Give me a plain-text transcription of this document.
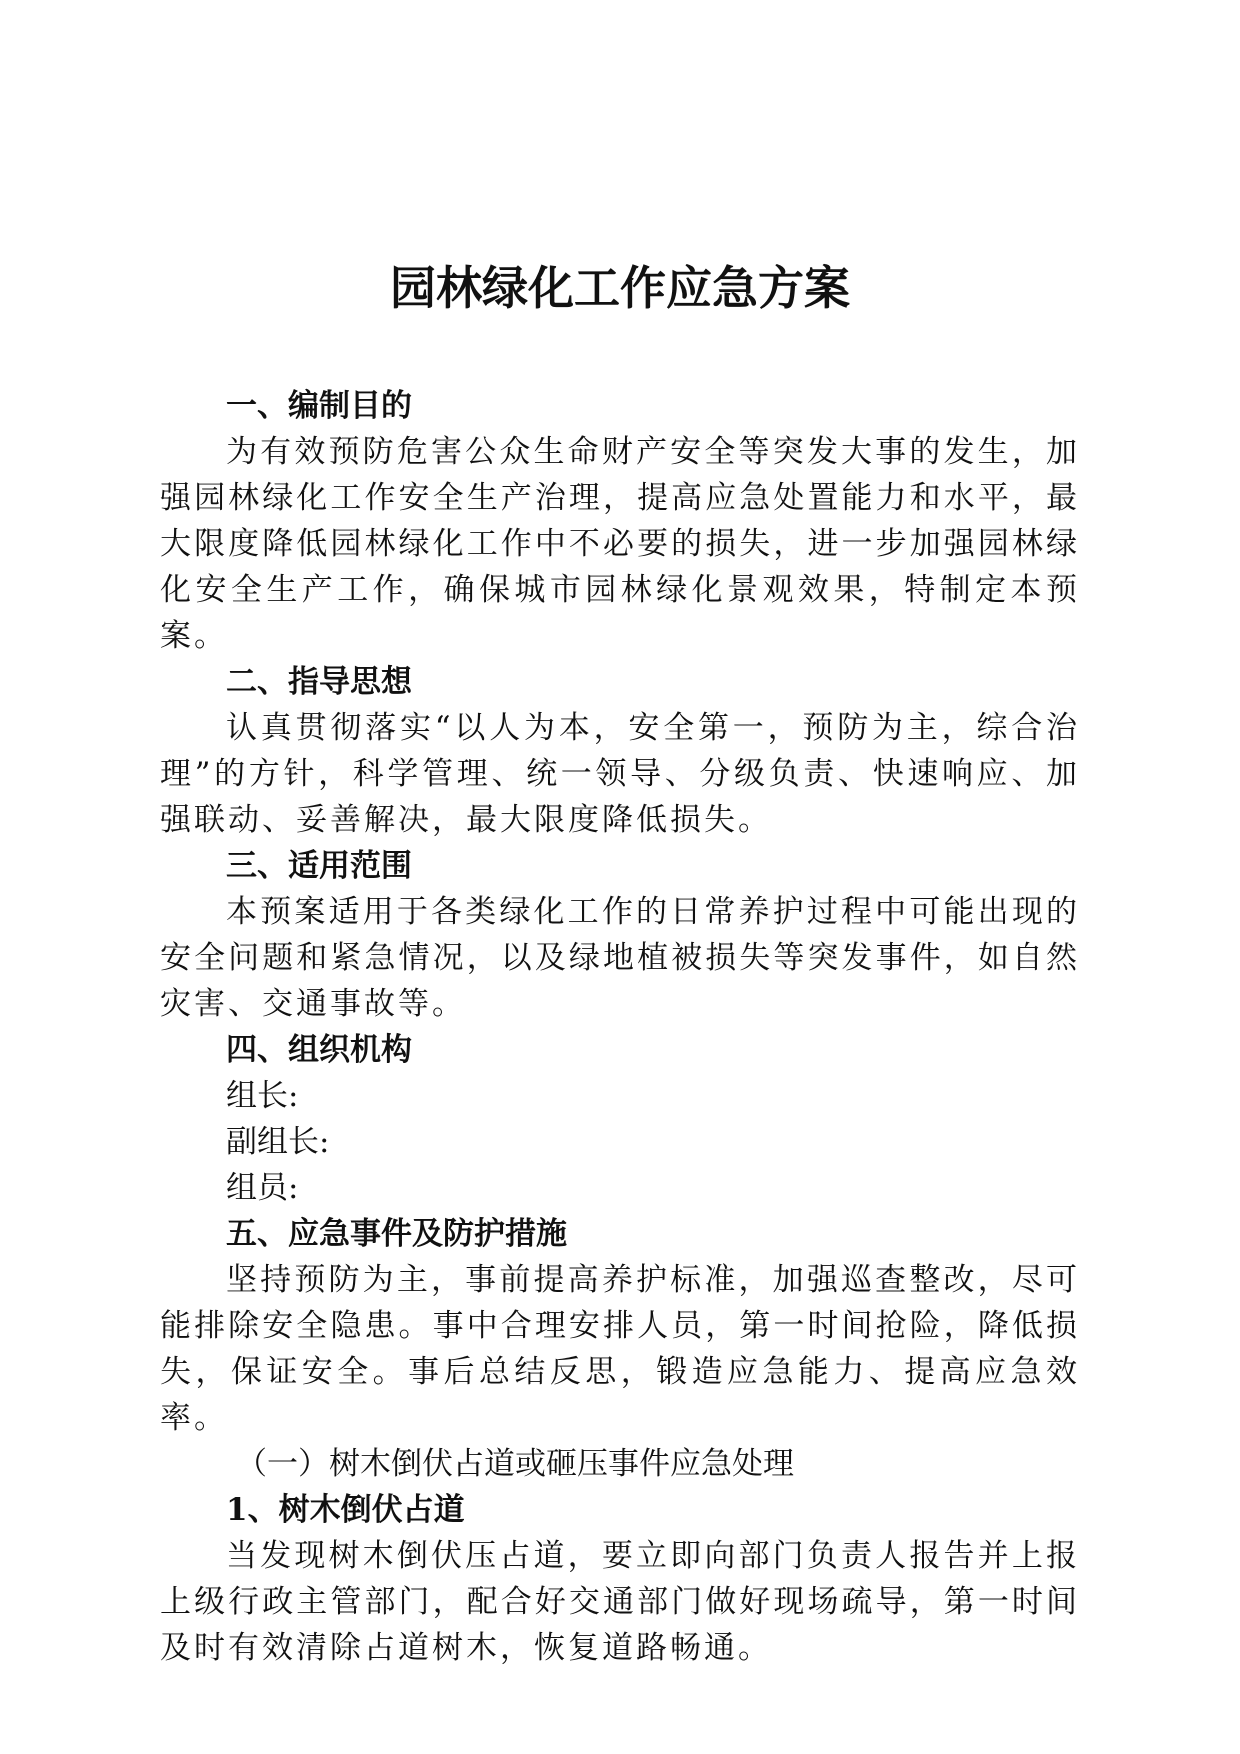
园林绿化工作应急方案
一、编制目的

为有效预防危害公众生命财产安全等突发大事的发生，加强园林绿化工作安全生产治理，提高应急处置能力和水平，最大限度降低园林绿化工作中不必要的损失，进一步加强园林绿化安全生产工作，确保城市园林绿化景观效果，特制定本预案。

二、指导思想

认真贯彻落实“以人为本，安全第一，预防为主，综合治理”的方针，科学管理、统一领导、分级负责、快速响应、加强联动、妥善解决，最大限度降低损失。

三、适用范围

本预案适用于各类绿化工作的日常养护过程中可能出现的安全问题和紧急情况，以及绿地植被损失等突发事件，如自然灾害、交通事故等。

四、组织机构
组长:
副组长:
组员:
五、应急事件及防护措施

坚持预防为主，事前提高养护标准，加强巡查整改，尽可能排除安全隐患。事中合理安排人员，第一时间抢险，降低损失，保证安全。事后总结反思，锻造应急能力、提高应急效率。

（一）树木倒伏占道或砸压事件应急处理
1、树木倒伏占道

当发现树木倒伏压占道，要立即向部门负责人报告并上报上级行政主管部门，配合好交通部门做好现场疏导，第一时间及时有效清除占道树木，恢复道路畅通。
